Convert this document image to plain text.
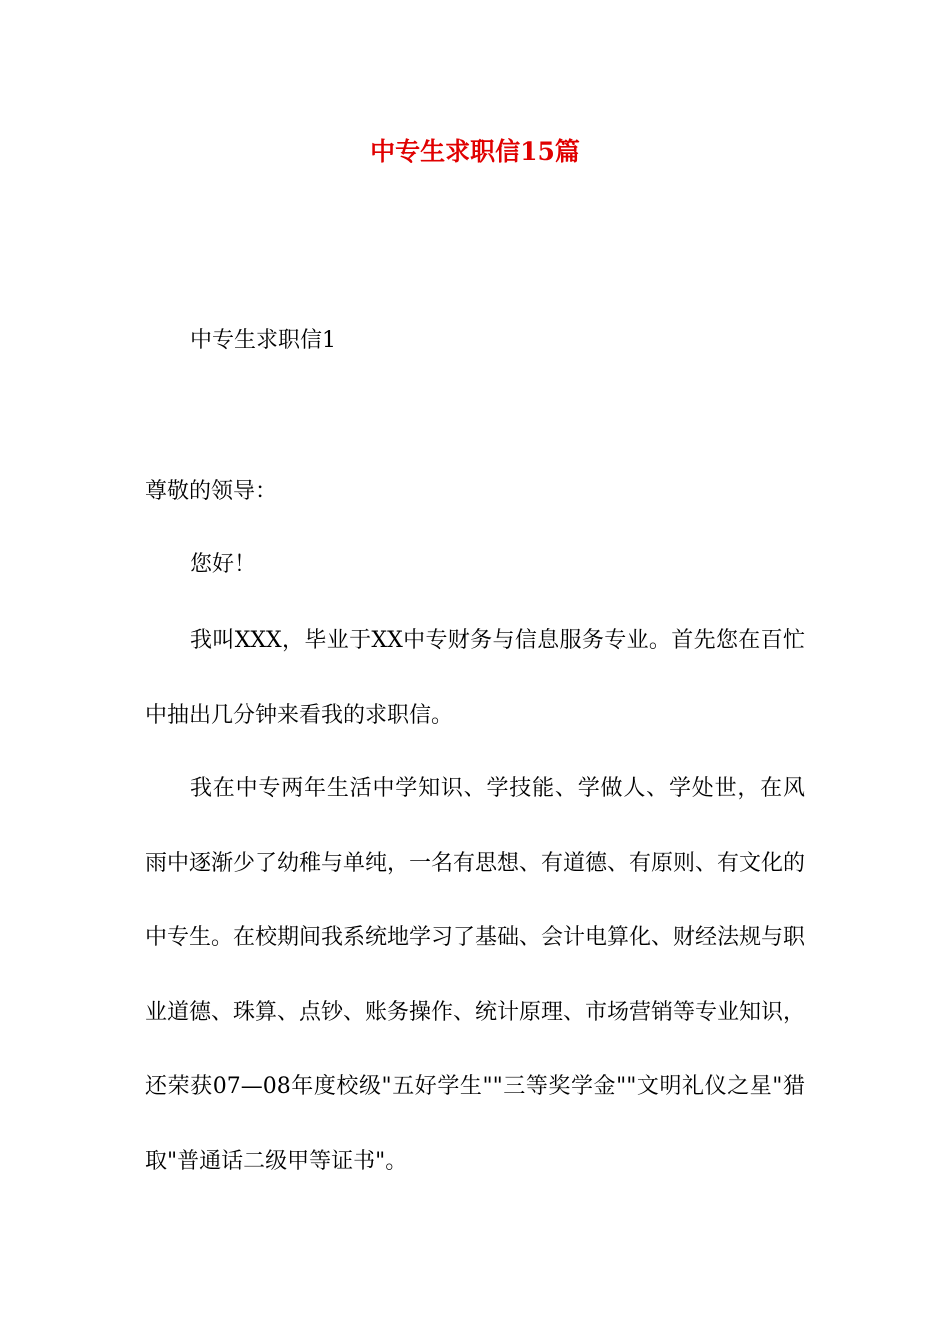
中专生求职信15篇

中专生求职信1

尊敬的领导：

您好！

我叫XXX，毕业于XX中专财务与信息服务专业。首先您在百忙中抽出几分钟来看我的求职信。

我在中专两年生活中学知识、学技能、学做人、学处世，在风雨中逐渐少了幼稚与单纯，一名有思想、有道德、有原则、有文化的中专生。在校期间我系统地学习了基础、会计电算化、财经法规与职业道德、珠算、点钞、账务操作、统计原理、市场营销等专业知识，还荣获07—08年度校级"五好学生""三等奖学金""文明礼仪之星"猎取"普通话二级甲等证书"。
